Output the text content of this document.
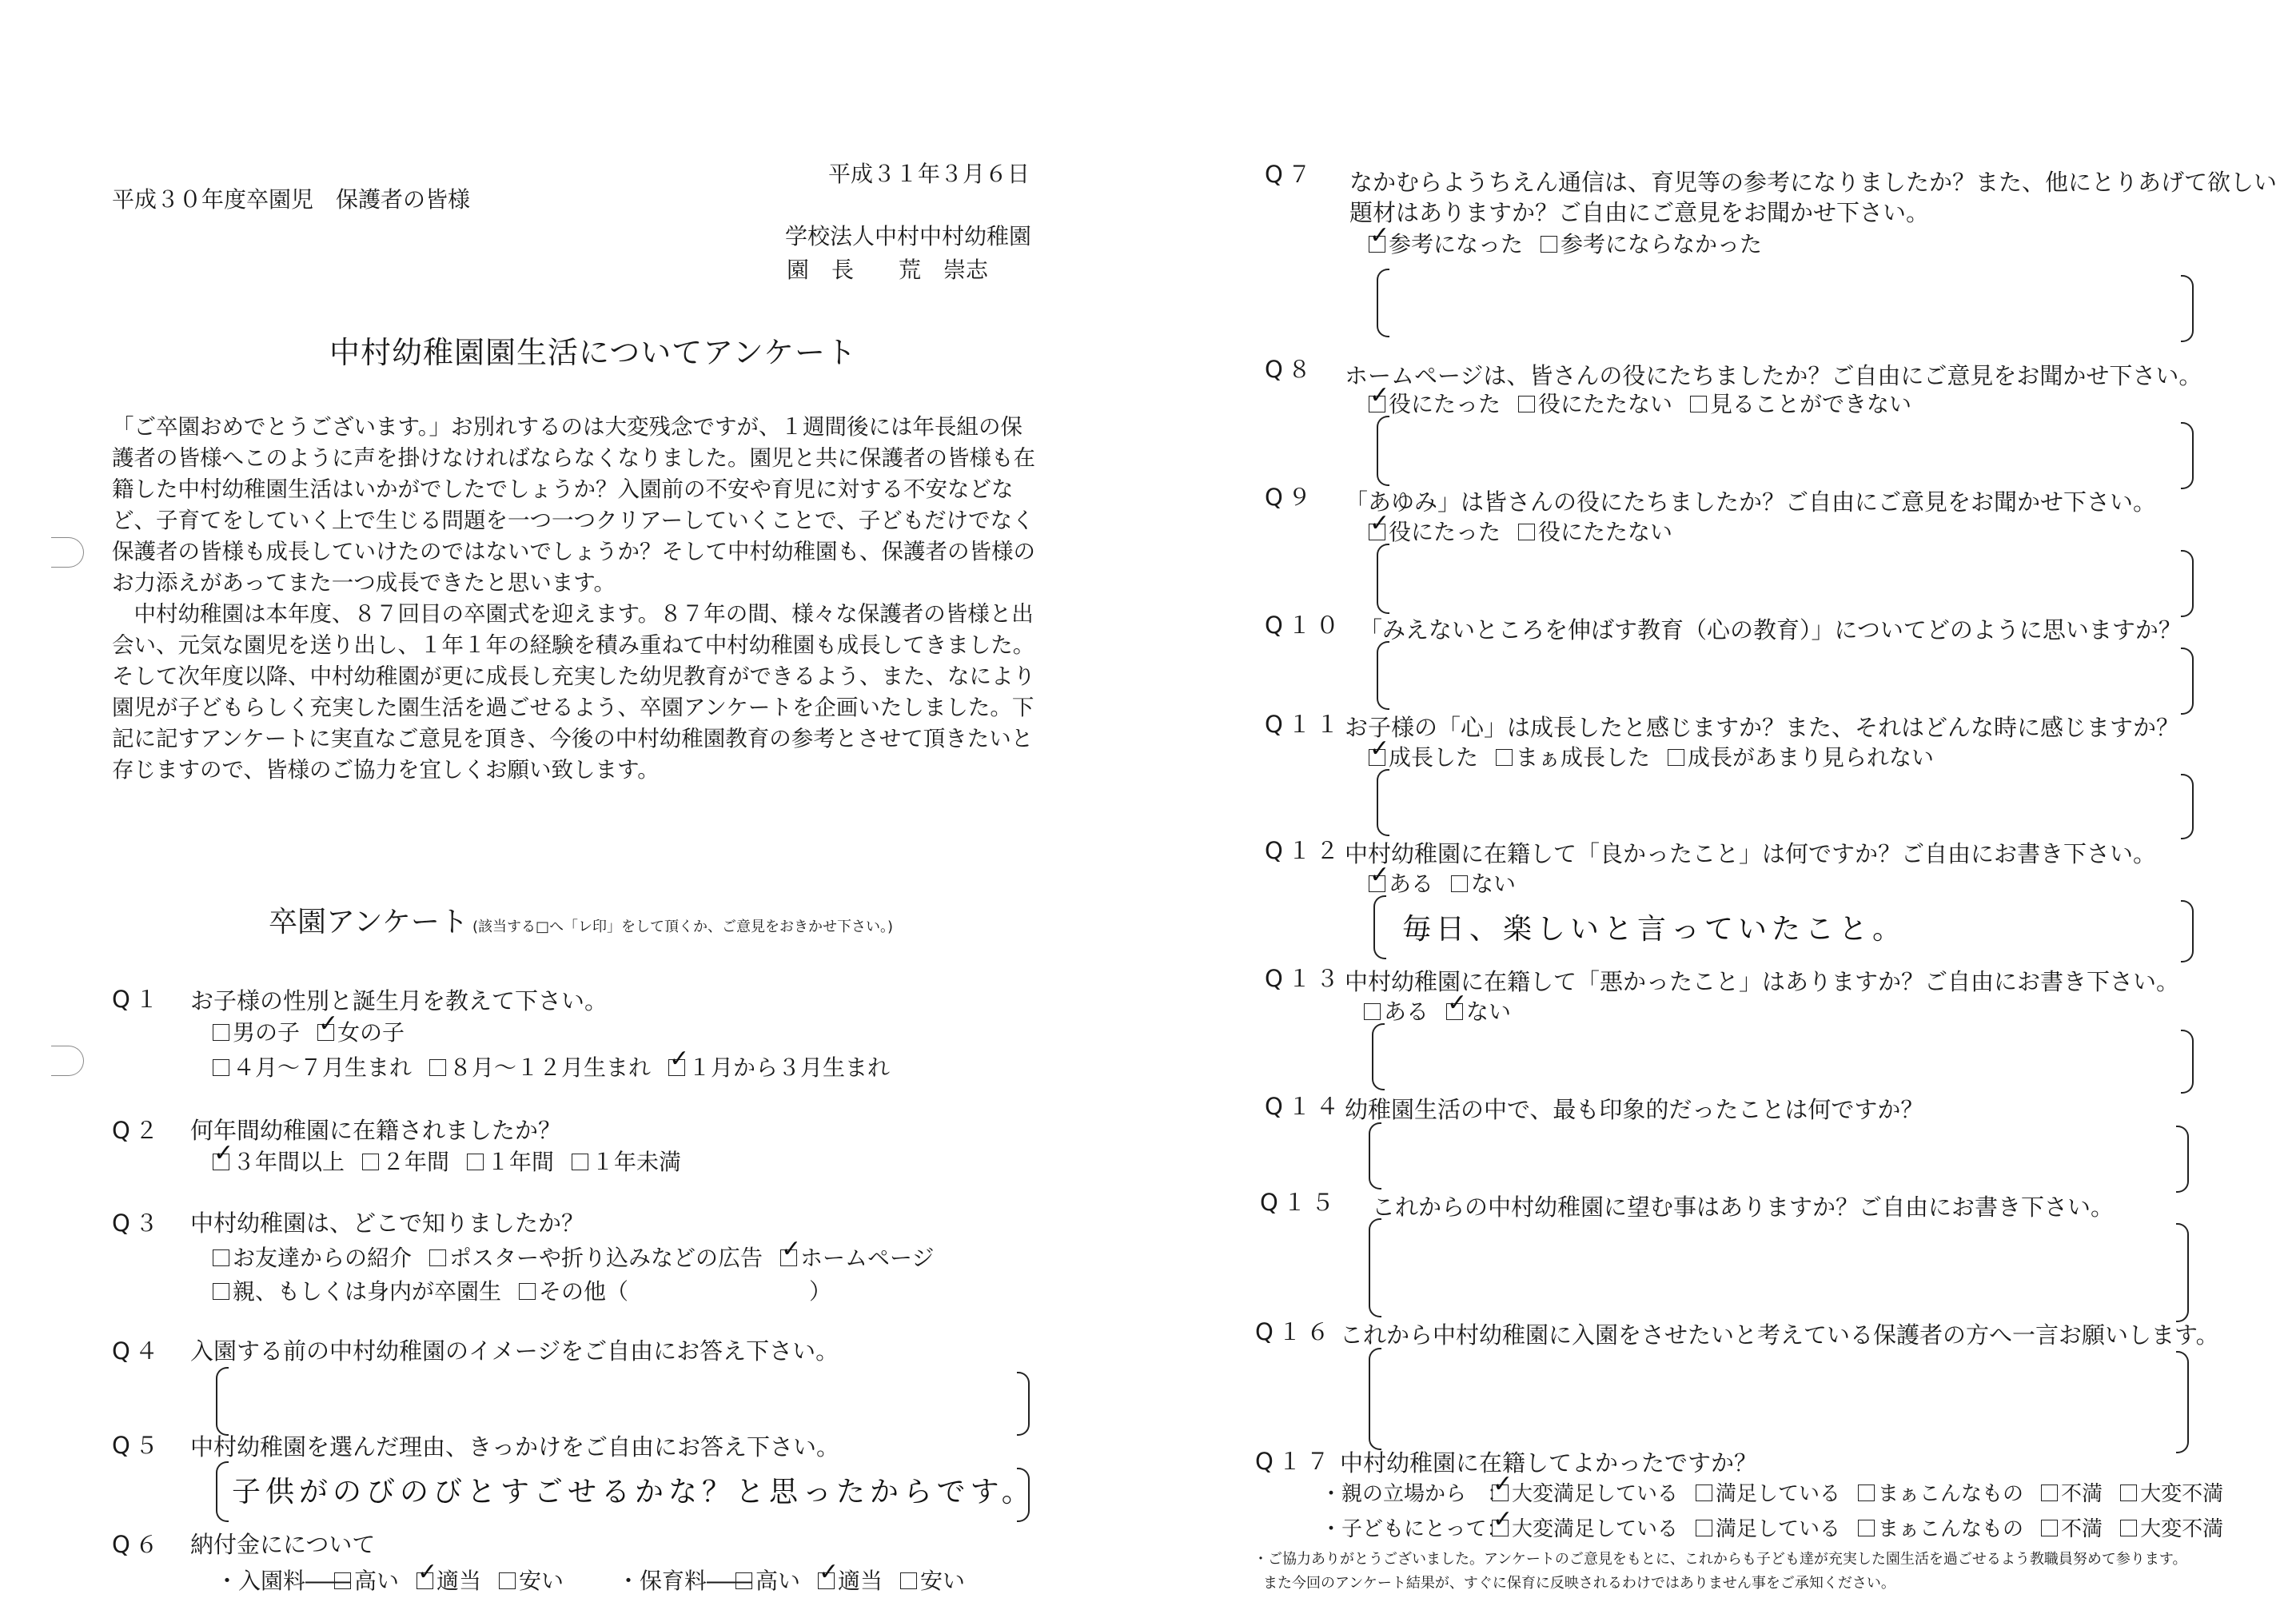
平成３０年度卒園児　保護者の皆様
平成３１年３月６日
学校法人中村中村幼稚園
園　長　　荒　崇志
中村幼稚園園生活についてアンケート

「ご卒園おめでとうございます。」お別れするのは大変残念ですが、１週間後には年長組の保護者の皆様へこのように声を掛けなければならなくなりました。園児と共に保護者の皆様も在籍した中村幼稚園生活はいかがでしたでしょうか？入園前の不安や育児に対する不安などなど、子育てをしていく上で生じる問題を一つ一つクリアーしていくことで、子どもだけでなく保護者の皆様も成長していけたのではないでしょうか？そして中村幼稚園も、保護者の皆様のお力添えがあってまた一つ成長できたと思います。

　中村幼稚園は本年度、８７回目の卒園式を迎えます。８７年の間、様々な保護者の皆様と出会い、元気な園児を送り出し、１年１年の経験を積み重ねて中村幼稚園も成長してきました。そして次年度以降、中村幼稚園が更に成長し充実した幼児教育ができるよう、また、なにより園児が子どもらしく充実した園生活を過ごせるよう、卒園アンケートを企画いたしました。下記に記すアンケートに実直なご意見を頂き、今後の中村幼稚園教育の参考とさせて頂きたいと存じますので、皆様のご協力を宜しくお願い致します。

卒園アンケート (該当する□へ「レ印」をして頂くか、ご意見をおきかせ下さい。)
Q１ お子様の性別と誕生月を教えて下さい。
男の子 ✓ 女の子
４月～７月生まれ ８月～１２月生まれ ✓ １月から３月生まれ
Q２ 何年間幼稚園に在籍されましたか？
✓３年間以上 ２年間 １年間 １年未満
Q３ 中村幼稚園は、どこで知りましたか？
お友達からの紹介 ポスターや折り込みなどの広告 ✓ ホームページ
親、もしくは身内が卒園生 その他（	）
Q４ 入園する前の中村幼稚園のイメージをご自由にお答え下さい。
Q５ 中村幼稚園を選んだ理由、きっかけをご自由にお答え下さい。
子供がのびのびとすごせるかな？と思ったからです。
Q６ 納付金にについて
・入園料―― 高い ✓ 適当 安い ・保育料―― 高い ✓ 適当 安い
Q７ なかむらようちえん通信は、育児等の参考になりましたか？また、他にとりあげて欲しい
題材はありますか？ご自由にご意見をお聞かせ下さい。
✓参考になった 参考にならなかった
Q８ ホームページは、皆さんの役にたちましたか？ご自由にご意見をお聞かせ下さい。
✓役にたった 役にたたない 見ることができない
Q９ 「あゆみ」は皆さんの役にたちましたか？ご自由にご意見をお聞かせ下さい。
✓役にたった 役にたたない
Q１０ 「みえないところを伸ばす教育（心の教育）」についてどのように思いますか？
Q１１ お子様の「心」は成長したと感じますか？また、それはどんな時に感じますか？
✓成長した まぁ成長した 成長があまり見られない
Q１２ 中村幼稚園に在籍して「良かったこと」は何ですか？ご自由にお書き下さい。
✓ある ない
毎日、楽しいと言っていたこと。
Q１３ 中村幼稚園に在籍して「悪かったこと」はありますか？ご自由にお書き下さい。
ある ✓ ない
Q１４ 幼稚園生活の中で、最も印象的だったことは何ですか？
Q１５ これからの中村幼稚園に望む事はありますか？ご自由にお書き下さい。
Q１６ これから中村幼稚園に入園をさせたいと考えている保護者の方へ一言お願いします。
Q１７ 中村幼稚園に在籍してよかったですか？
・親の立場から　： ✓ 大変満足している 満足している まぁこんなもの 不満 大変不満
・子どもにとって： ✓ 大変満足している 満足している まぁこんなもの 不満 大変不満
・ご協力ありがとうございました。アンケートのご意見をもとに、これからも子ども達が充実した園生活を過ごせるよう教職員努めて参ります。
また今回のアンケート結果が、すぐに保育に反映されるわけではありません事をご承知ください。
